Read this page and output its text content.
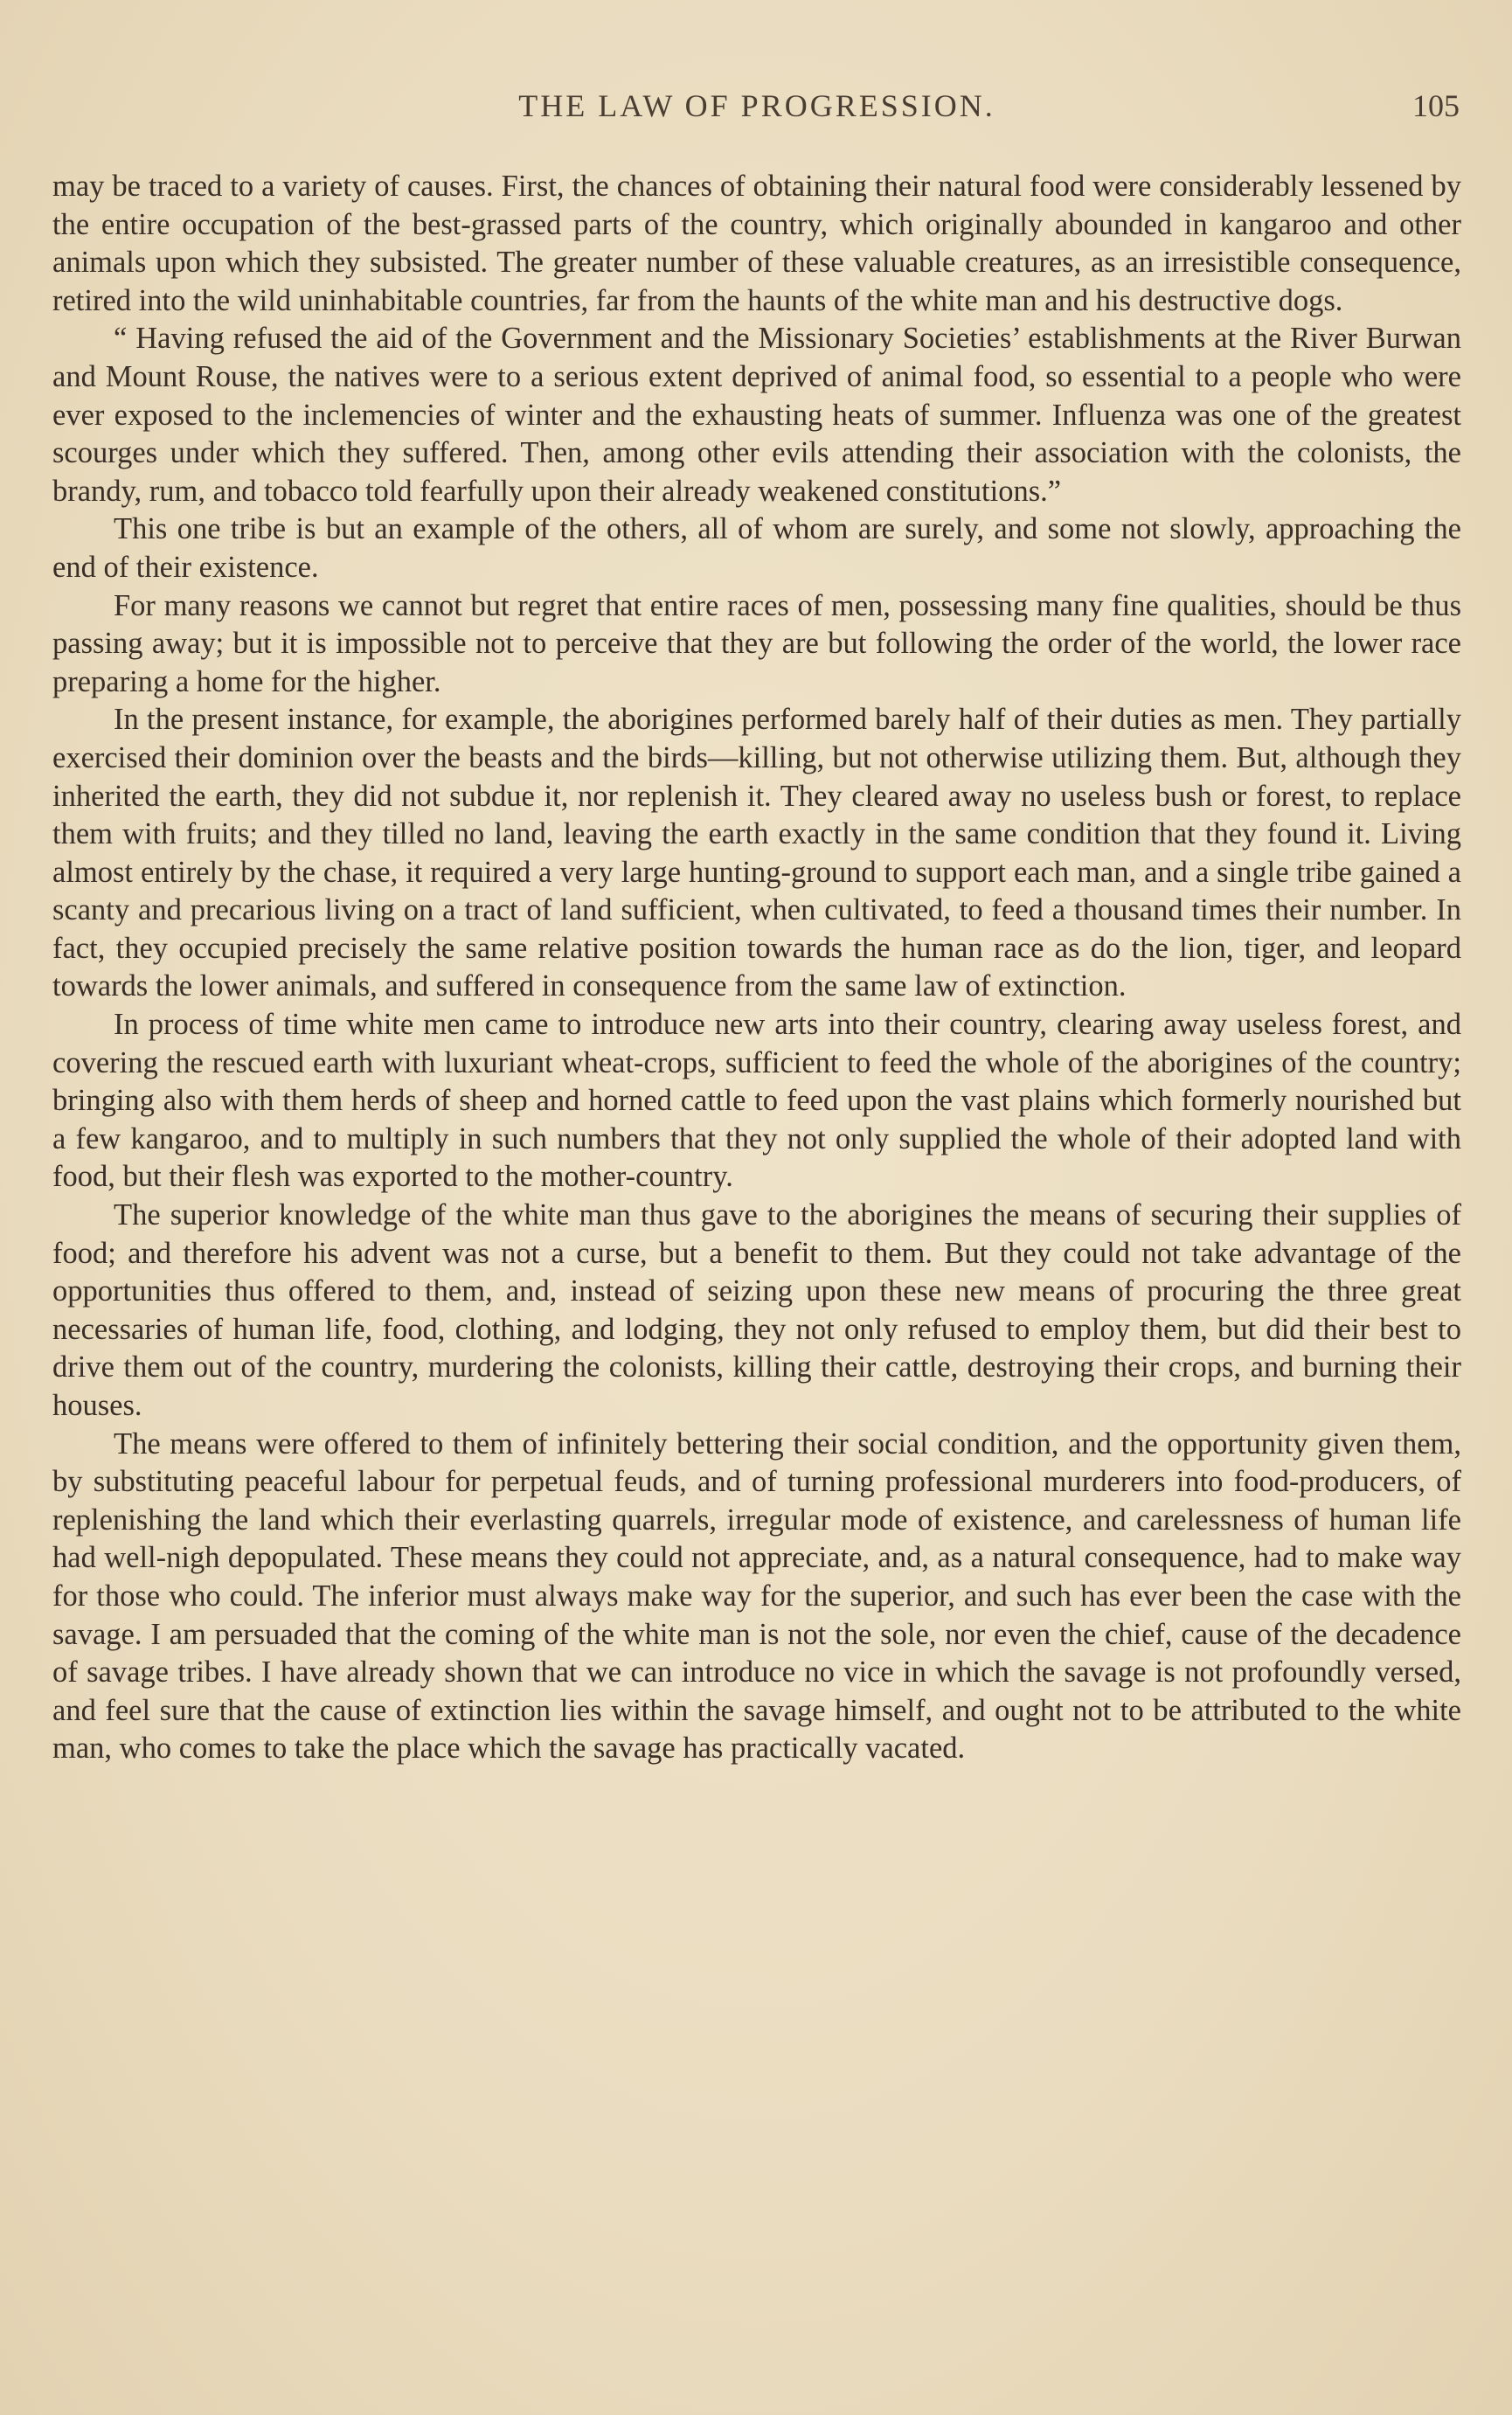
THE LAW OF PROGRESSION.	105

may be traced to a variety of causes. First, the chances of obtaining their natural food were considerably lessened by the entire occupation of the best-grassed parts of the country, which originally abounded in kangaroo and other animals upon which they subsisted. The greater number of these valuable creatures, as an irresistible consequence, retired into the wild uninhabitable countries, far from the haunts of the white man and his destructive dogs.

“ Having refused the aid of the Government and the Missionary Societies’ establishments at the River Burwan and Mount Rouse, the natives were to a serious extent deprived of animal food, so essential to a people who were ever exposed to the inclemencies of winter and the exhausting heats of summer. Influenza was one of the greatest scourges under which they suffered. Then, among other evils attending their association with the colonists, the brandy, rum, and tobacco told fearfully upon their already weakened constitutions.”

This one tribe is but an example of the others, all of whom are surely, and some not slowly, approaching the end of their existence.

For many reasons we cannot but regret that entire races of men, possessing many fine qualities, should be thus passing away; but it is impossible not to perceive that they are but following the order of the world, the lower race preparing a home for the higher.

In the present instance, for example, the aborigines performed barely half of their duties as men. They partially exercised their dominion over the beasts and the birds—killing, but not otherwise utilizing them. But, although they inherited the earth, they did not subdue it, nor replenish it. They cleared away no useless bush or forest, to replace them with fruits; and they tilled no land, leaving the earth exactly in the same condition that they found it. Living almost entirely by the chase, it required a very large hunting-ground to support each man, and a single tribe gained a scanty and precarious living on a tract of land sufficient, when cultivated, to feed a thousand times their number. In fact, they occupied precisely the same relative position towards the human race as do the lion, tiger, and leopard towards the lower animals, and suffered in consequence from the same law of extinction.

In process of time white men came to introduce new arts into their country, clearing away useless forest, and covering the rescued earth with luxuriant wheat-crops, sufficient to feed the whole of the aborigines of the country; bringing also with them herds of sheep and horned cattle to feed upon the vast plains which formerly nourished but a few kangaroo, and to multiply in such numbers that they not only supplied the whole of their adopted land with food, but their flesh was exported to the mother-country.

The superior knowledge of the white man thus gave to the aborigines the means of securing their supplies of food; and therefore his advent was not a curse, but a benefit to them. But they could not take advantage of the opportunities thus offered to them, and, instead of seizing upon these new means of procuring the three great necessaries of human life, food, clothing, and lodging, they not only refused to employ them, but did their best to drive them out of the country, murdering the colonists, killing their cattle, destroying their crops, and burning their houses.

The means were offered to them of infinitely bettering their social condition, and the opportunity given them, by substituting peaceful labour for perpetual feuds, and of turning professional murderers into food-producers, of replenishing the land which their everlasting quarrels, irregular mode of existence, and carelessness of human life had well-nigh depopulated. These means they could not appreciate, and, as a natural consequence, had to make way for those who could. The inferior must always make way for the superior, and such has ever been the case with the savage. I am persuaded that the coming of the white man is not the sole, nor even the chief, cause of the decadence of savage tribes. I have already shown that we can introduce no vice in which the savage is not profoundly versed, and feel sure that the cause of extinction lies within the savage himself, and ought not to be attributed to the white man, who comes to take the place which the savage has practically vacated.
